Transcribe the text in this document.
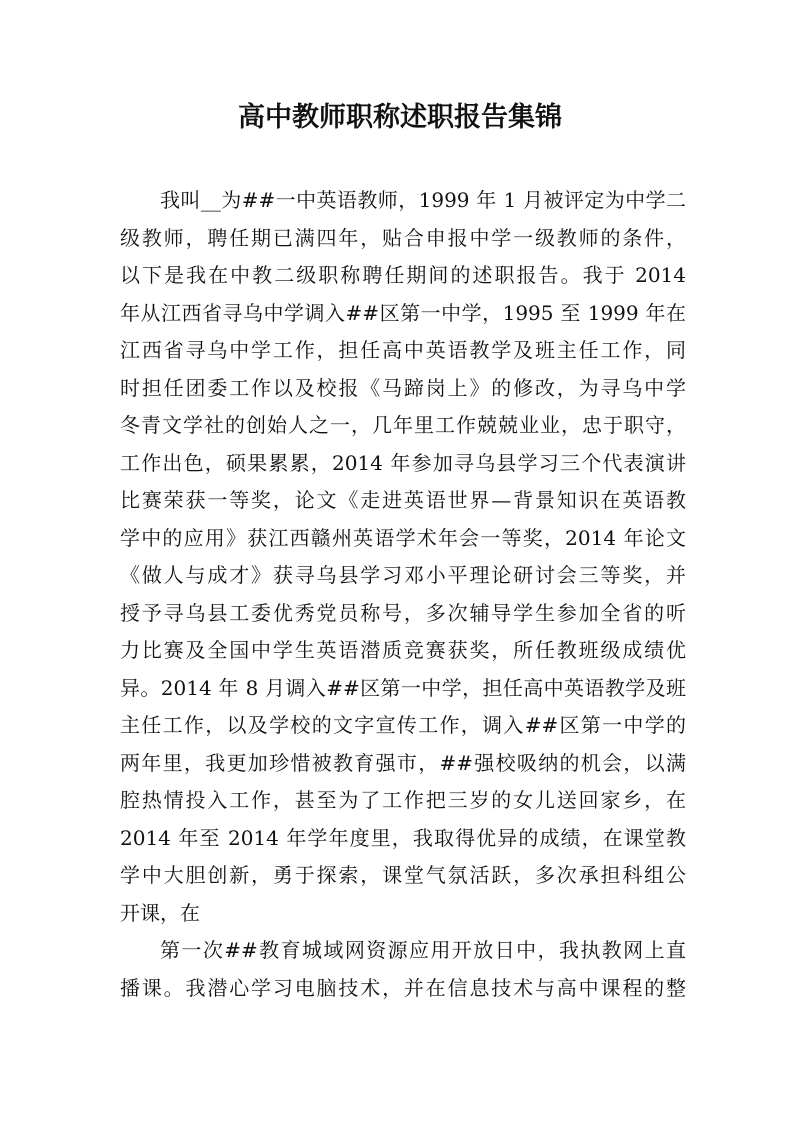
高中教师职称述职报告集锦
我叫__为##一中英语教师，1999 年 1 月被评定为中学二
级教师，聘任期已满四年，贴合申报中学一级教师的条件，
以下是我在中教二级职称聘任期间的述职报告。我于 2014
年从江西省寻乌中学调入##区第一中学，1995 至 1999 年在
江西省寻乌中学工作，担任高中英语教学及班主任工作，同
时担任团委工作以及校报《马蹄岗上》的修改，为寻乌中学
冬青文学社的创始人之一，几年里工作兢兢业业，忠于职守，
工作出色，硕果累累，2014 年参加寻乌县学习三个代表演讲
比赛荣获一等奖，论文《走进英语世界—背景知识在英语教
学中的应用》获江西赣州英语学术年会一等奖，2014 年论文
《做人与成才》获寻乌县学习邓小平理论研讨会三等奖，并
授予寻乌县工委优秀党员称号，多次辅导学生参加全省的听
力比赛及全国中学生英语潜质竞赛获奖，所任教班级成绩优
异。2014 年 8 月调入##区第一中学，担任高中英语教学及班
主任工作，以及学校的文字宣传工作，调入##区第一中学的
两年里，我更加珍惜被教育强市，##强校吸纳的机会，以满
腔热情投入工作，甚至为了工作把三岁的女儿送回家乡，在
2014 年至 2014 年学年度里，我取得优异的成绩，在课堂教
学中大胆创新，勇于探索，课堂气氛活跃，多次承担科组公
开课，在
第一次##教育城域网资源应用开放日中，我执教网上直
播课。我潜心学习电脑技术，并在信息技术与高中课程的整
